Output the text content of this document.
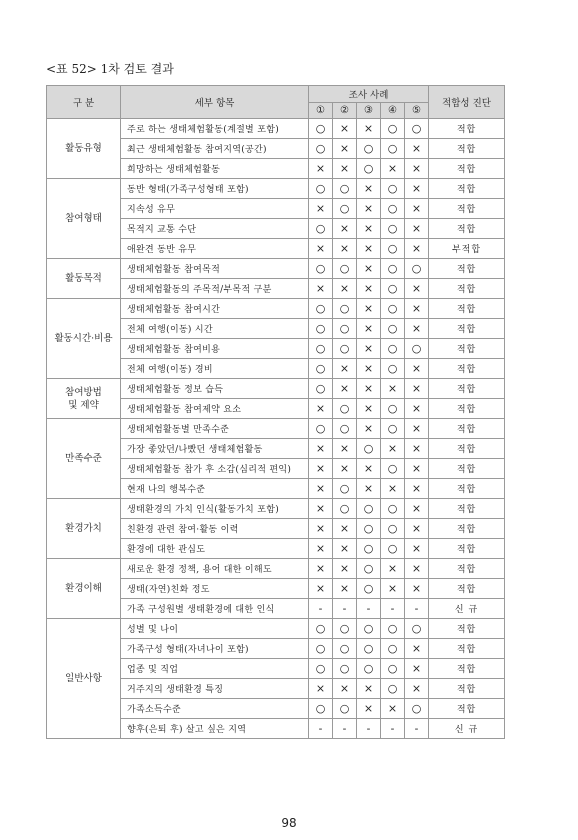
<표 52> 1차 검토 결과
구 분	세부 항목	조사 사례					적합성 진단
		①	②	③	④	⑤	
활동유형	주로 하는 생태체험활동(계절별 포함)	○	×	×	○	○	적합
	최근 생태체험활동 참여지역(공간)	○	×	○	○	×	적합
	희망하는 생태체험활동	×	×	○	×	×	적합
참여형태	동반 형태(가족구성형태 포함)	○	○	×	○	×	적합
	지속성 유무	×	○	×	○	×	적합
	목적지 교통 수단	○	×	×	○	×	적합
	애완견 동반 유무	×	×	×	○	×	부적합
활동목적	생태체험활동 참여목적	○	○	×	○	○	적합
	생태체험활동의 주목적/부목적 구분	×	×	×	○	×	적합
활동시간·비용	생태체험활동 참여시간	○	○	×	○	×	적합
	전체 여행(이동) 시간	○	○	×	○	×	적합
	생태체험활동 참여비용	○	○	×	○	○	적합
	전체 여행(이동) 경비	○	×	×	○	×	적합
참여방법
및 제약	생태체험활동 정보 습득	○	×	×	×	×	적합
	생태체험활동 참여제약 요소	×	○	×	○	×	적합
만족수준	생태체험활동별 만족수준	○	○	×	○	×	적합
	가장 좋았던/나빴던 생태체험활동	×	×	○	×	×	적합
	생태체험활동 참가 후 소감(심리적 편익)	×	×	×	○	×	적합
	현재 나의 행복수준	×	○	×	×	×	적합
환경가치	생태환경의 가치 인식(활동가치 포함)	×	○	○	○	×	적합
	친환경 관련 참여·활동 이력	×	×	○	○	×	적합
	환경에 대한 관심도	×	×	○	○	×	적합
환경이해	새로운 환경 정책, 용어 대한 이해도	×	×	○	×	×	적합
	생태(자연)친화 정도	×	×	○	×	×	적합
	가족 구성원별 생태환경에 대한 인식	-	-	-	-	-	신 규
일반사항	성별 및 나이	○	○	○	○	○	적합
	가족구성 형태(자녀나이 포함)	○	○	○	○	×	적합
	업종 및 직업	○	○	○	○	×	적합
	거주지의 생태환경 특징	×	×	×	○	×	적합
	가족소득수준	○	○	×	×	○	적합
	향후(은퇴 후) 살고 싶은 지역	-	-	-	-	-	신 규
98
